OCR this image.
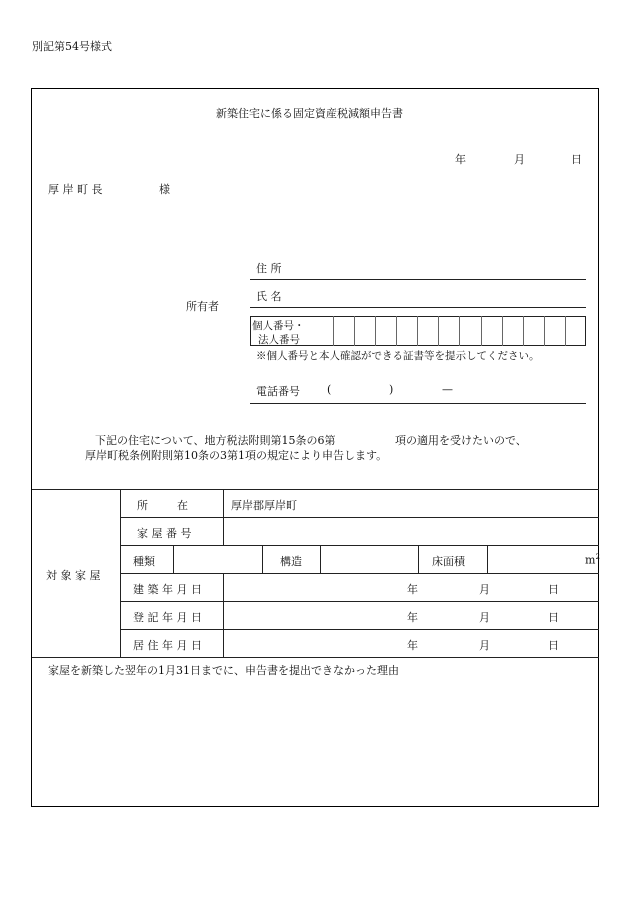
別記第54号様式
新築住宅に係る固定資産税減額申告書
年	月	日
厚 岸 町 長	様
所有者
住 所
氏 名
個人番号・
法人番号
※個人番号と本人確認ができる証書等を提示してください。
電話番号 (	)	—
下記の住宅について、地方税法附則第15条の6第	項の適用を受けたいので、
厚岸町税条例附則第10条の3第1項の規定により申告します。
対 象 家 屋
所 　　 在	厚岸郡厚岸町
家 屋 番 号
種類	構造	床面積	$m^2$
建 築 年 月 日	年	月	日
登 記 年 月 日	年	月	日
居 住 年 月 日	年	月	日
家屋を新築した翌年の1月31日までに、申告書を提出できなかった理由
